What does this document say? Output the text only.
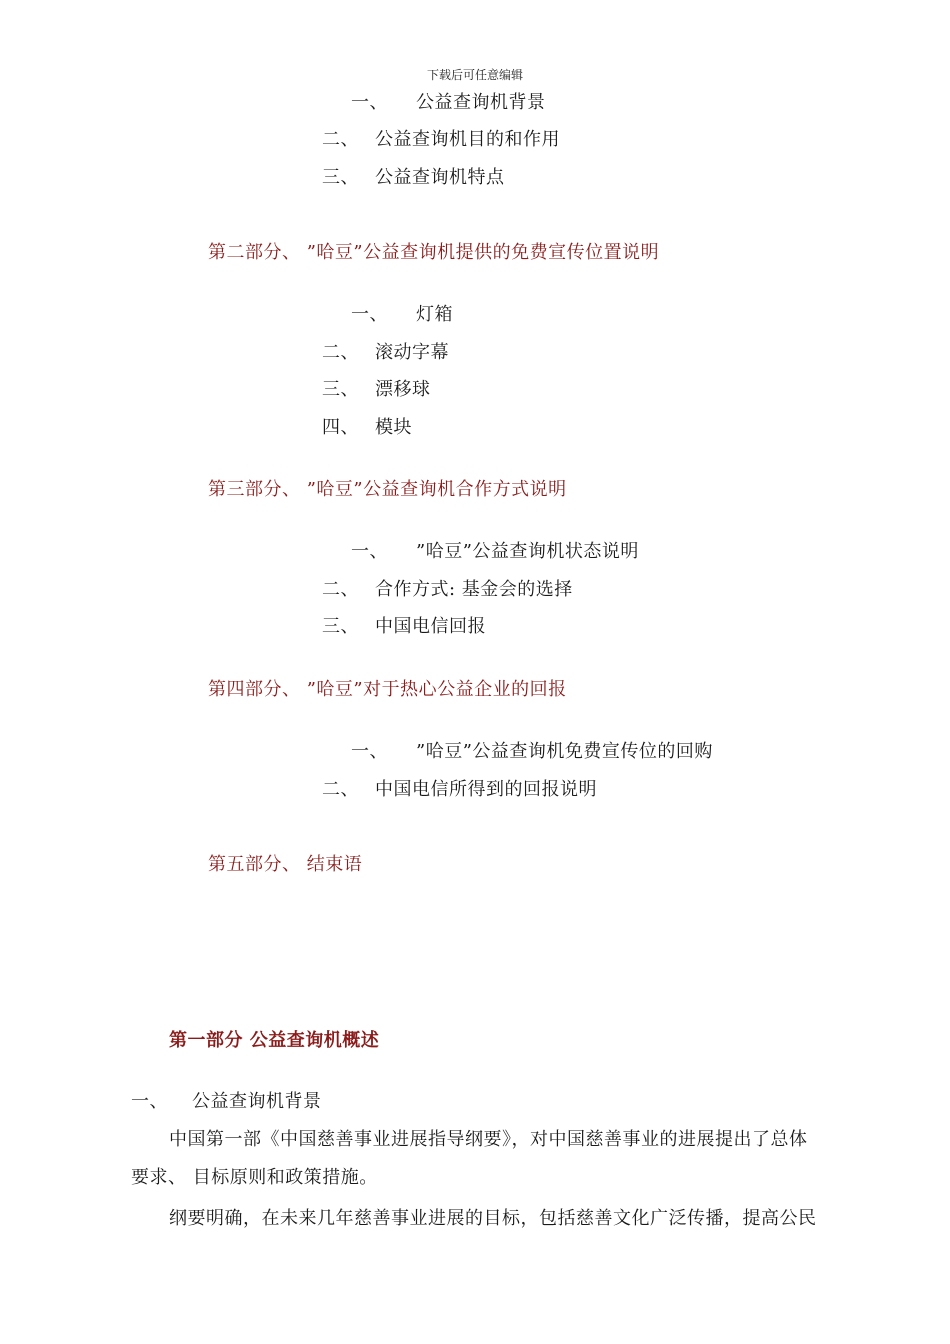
下载后可任意编辑
一、 公益查询机背景
二、 公益查询机目的和作用
三、 公益查询机特点
第二部分、 ”哈豆”公益查询机提供的免费宣传位置说明
一、 灯箱
二、 滚动字幕
三、 漂移球
四、 模块
第三部分、 ”哈豆”公益查询机合作方式说明
一、 ”哈豆”公益查询机状态说明
二、 合作方式: 基金会的选择
三、 中国电信回报
第四部分、 ”哈豆”对于热心公益企业的回报
一、 ”哈豆”公益查询机免费宣传位的回购
二、 中国电信所得到的回报说明
第五部分、 结束语
第一部分 公益查询机概述
一、 公益查询机背景
中国第一部《中国慈善事业进展指导纲要》，对中国慈善事业的进展提出了总体
要求、 目标原则和政策措施。
纲要明确，在未来几年慈善事业进展的目标，包括慈善文化广泛传播，提高公民
